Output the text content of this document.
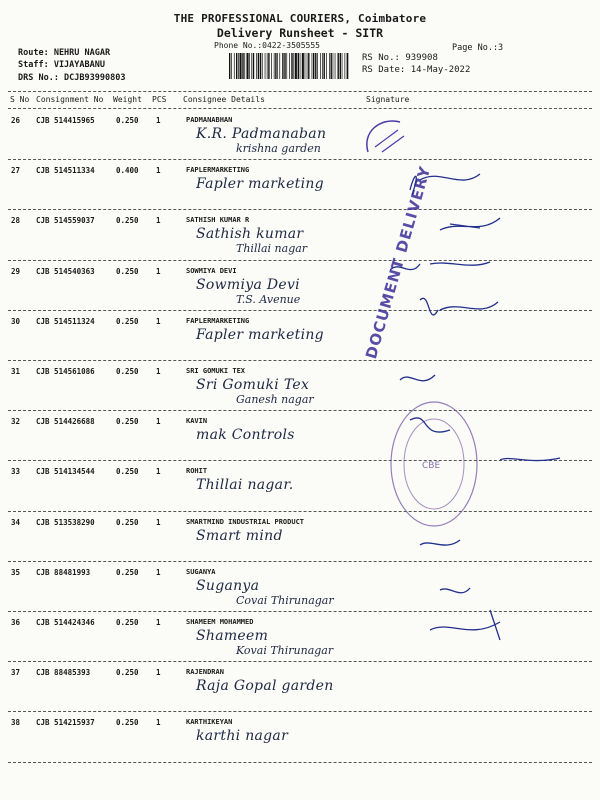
THE PROFESSIONAL COURIERS, Coimbatore
Delivery Runsheet - SITR
Phone No.:0422-3505555	Page No.:3
Route: NEHRU NAGAR
Staff: VIJAYABANU
DRS No.: DCJB93990803
RS No.: 939908
RS Date: 14-May-2022
S No Consignment No Weight PCS Consignee Details	Signature
26 CJB 514415965	0.250 1	PADMANABHAN
K.R. Padmanaban
krishna garden
27 CJB 514511334	0.400 1	FAPLERMARKETING
Fapler marketing
28 CJB 514559037	0.250 1	SATHISH KUMAR R
Sathish kumar
Thillai nagar
29 CJB 514540363	0.250 1	SOWMIYA DEVI
Sowmiya Devi
T.S. Avenue
30 CJB 514511324	0.250 1	FAPLERMARKETING
Fapler marketing
31 CJB 514561086	0.250 1	SRI GOMUKI TEX
Sri Gomuki Tex
Ganesh nagar
32 CJB 514426688	0.250 1	KAVIN
mak Controls
33 CJB 514134544	0.250 1	ROHIT
Thillai nagar.
34 CJB 513538290	0.250 1	SMARTMIND INDUSTRIAL PRODUCT
Smart mind
35 CJB 88481993	0.250 1	SUGANYA
Suganya
Covai Thirunagar
36 CJB 514424346	0.250 1	SHAMEEM MOHAMMED
Shameem
Kovai Thirunagar
37 CJB 88485393	0.250 1	RAJENDRAN
Raja Gopal garden
38 CJB 514215937	0.250 1	KARTHIKEYAN
karthi nagar
DOCUMENT DELIVERY
CBE
